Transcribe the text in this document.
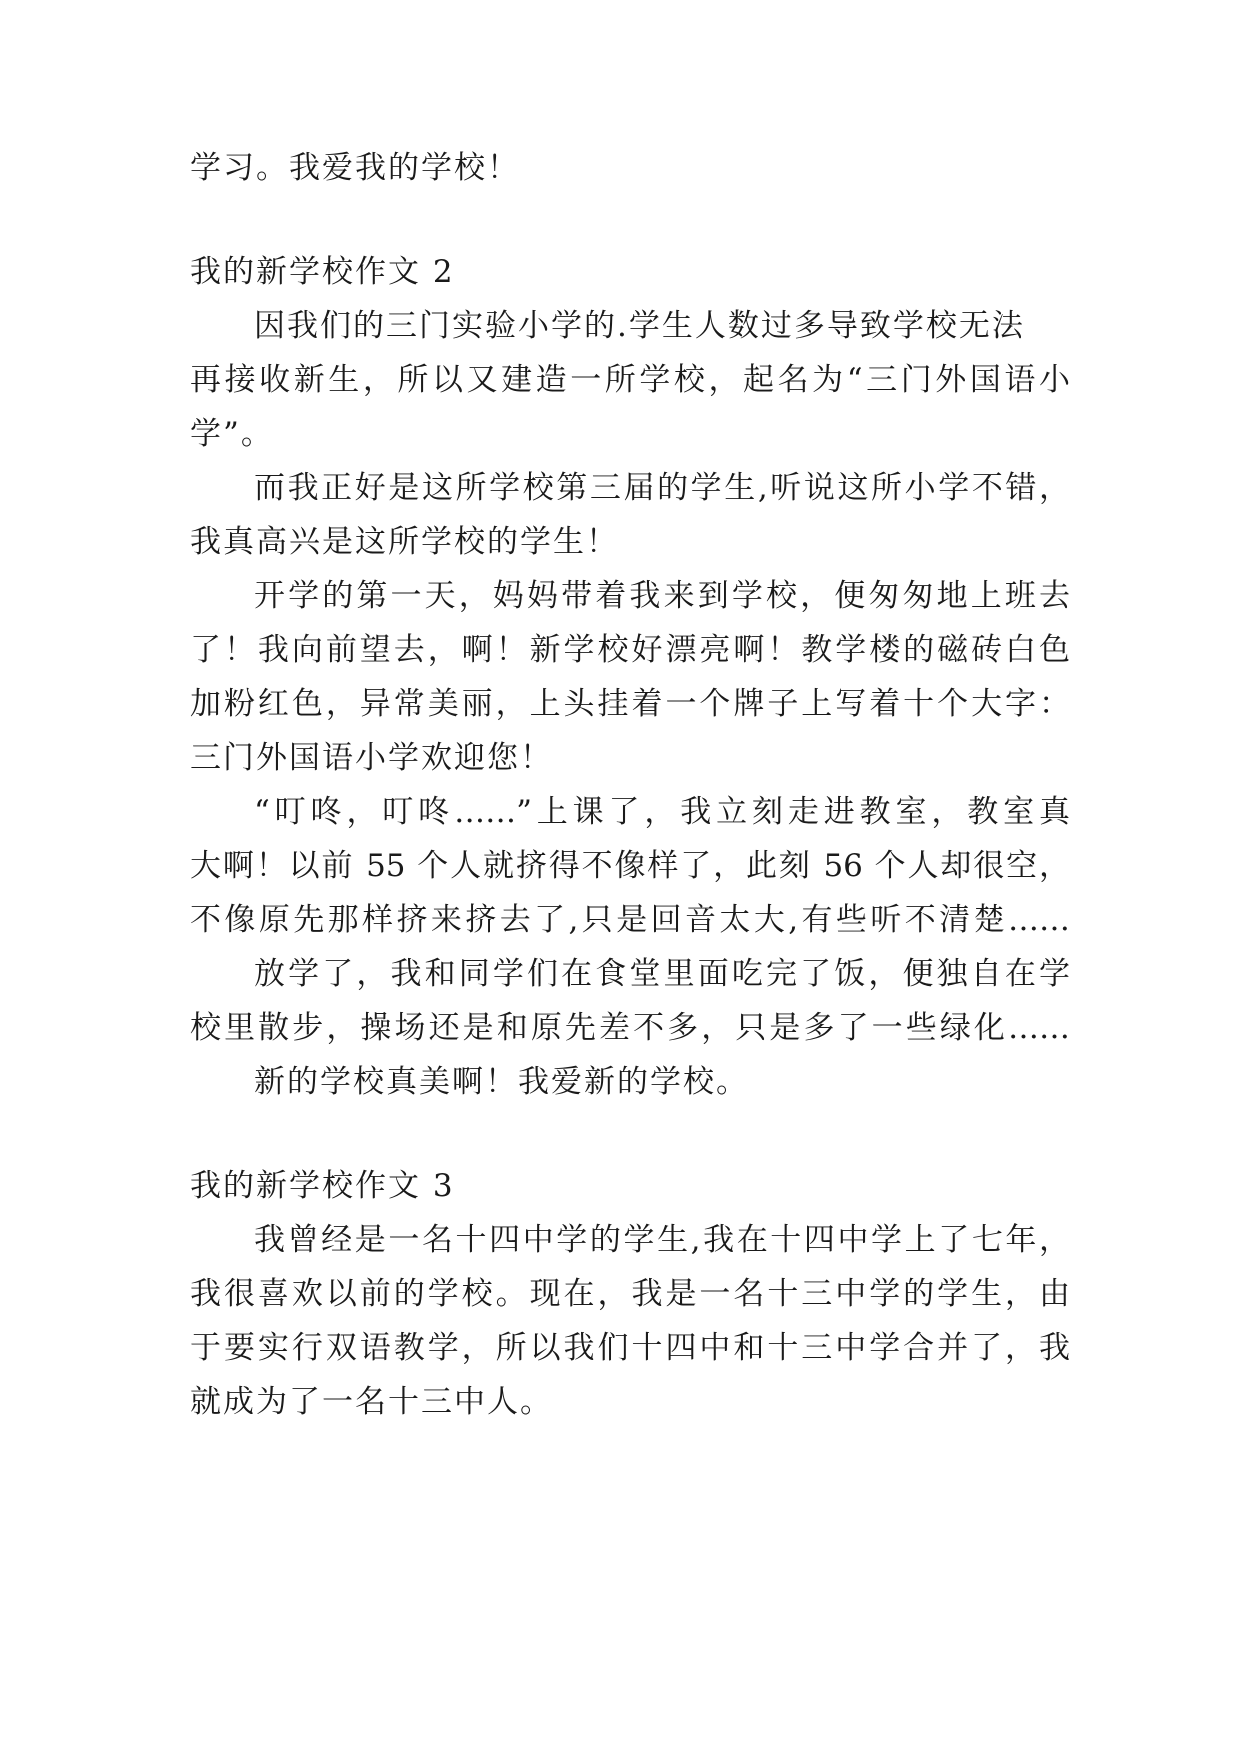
学习。我爱我的学校！
我的新学校作文 2
因我们的三门实验小学的.学生人数过多导致学校无法
再接收新生，所以又建造一所学校，起名为“三门外国语小
学”。
而我正好是这所学校第三届的学生,听说这所小学不错，
我真高兴是这所学校的学生！
开学的第一天，妈妈带着我来到学校，便匆匆地上班去
了！我向前望去，啊！新学校好漂亮啊！教学楼的磁砖白色
加粉红色，异常美丽，上头挂着一个牌子上写着十个大字：
三门外国语小学欢迎您！
“叮咚，叮咚……”上课了，我立刻走进教室，教室真
大啊！以前 55 个人就挤得不像样了，此刻 56 个人却很空，
不像原先那样挤来挤去了,只是回音太大,有些听不清楚……
放学了，我和同学们在食堂里面吃完了饭，便独自在学
校里散步，操场还是和原先差不多，只是多了一些绿化……
新的学校真美啊！我爱新的学校。
我的新学校作文 3
我曾经是一名十四中学的学生,我在十四中学上了七年，
我很喜欢以前的学校。现在，我是一名十三中学的学生，由
于要实行双语教学，所以我们十四中和十三中学合并了，我
就成为了一名十三中人。
